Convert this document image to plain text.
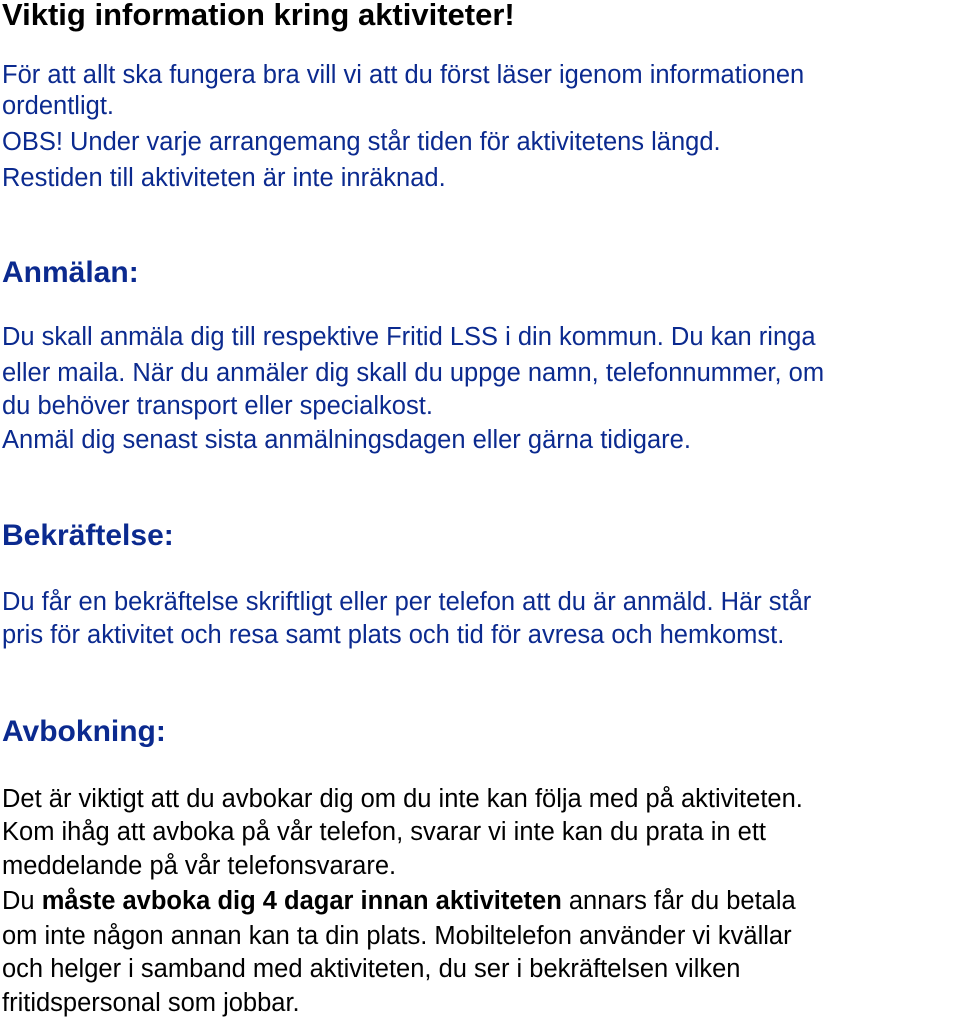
Viktig information kring aktiviteter!

För att allt ska fungera bra vill vi att du först läser igenom informationen

ordentligt.

OBS! Under varje arrangemang står tiden för aktivitetens längd.

Restiden till aktiviteten är inte inräknad.

Anmälan:

Du skall anmäla dig till respektive Fritid LSS i din kommun. Du kan ringa

eller maila. När du anmäler dig skall du uppge namn, telefonnummer, om

du behöver transport eller specialkost.

Anmäl dig senast sista anmälningsdagen eller gärna tidigare.

Bekräftelse:

Du får en bekräftelse skriftligt eller per telefon att du är anmäld. Här står

pris för aktivitet och resa samt plats och tid för avresa och hemkomst.

Avbokning:

Det är viktigt att du avbokar dig om du inte kan följa med på aktiviteten.

Kom ihåg att avboka på vår telefon, svarar vi inte kan du prata in ett

meddelande på vår telefonsvarare.

Du måste avboka dig 4 dagar innan aktiviteten annars får du betala

om inte någon annan kan ta din plats. Mobiltelefon använder vi kvällar

och helger i samband med aktiviteten, du ser i bekräftelsen vilken

fritidspersonal som jobbar.
